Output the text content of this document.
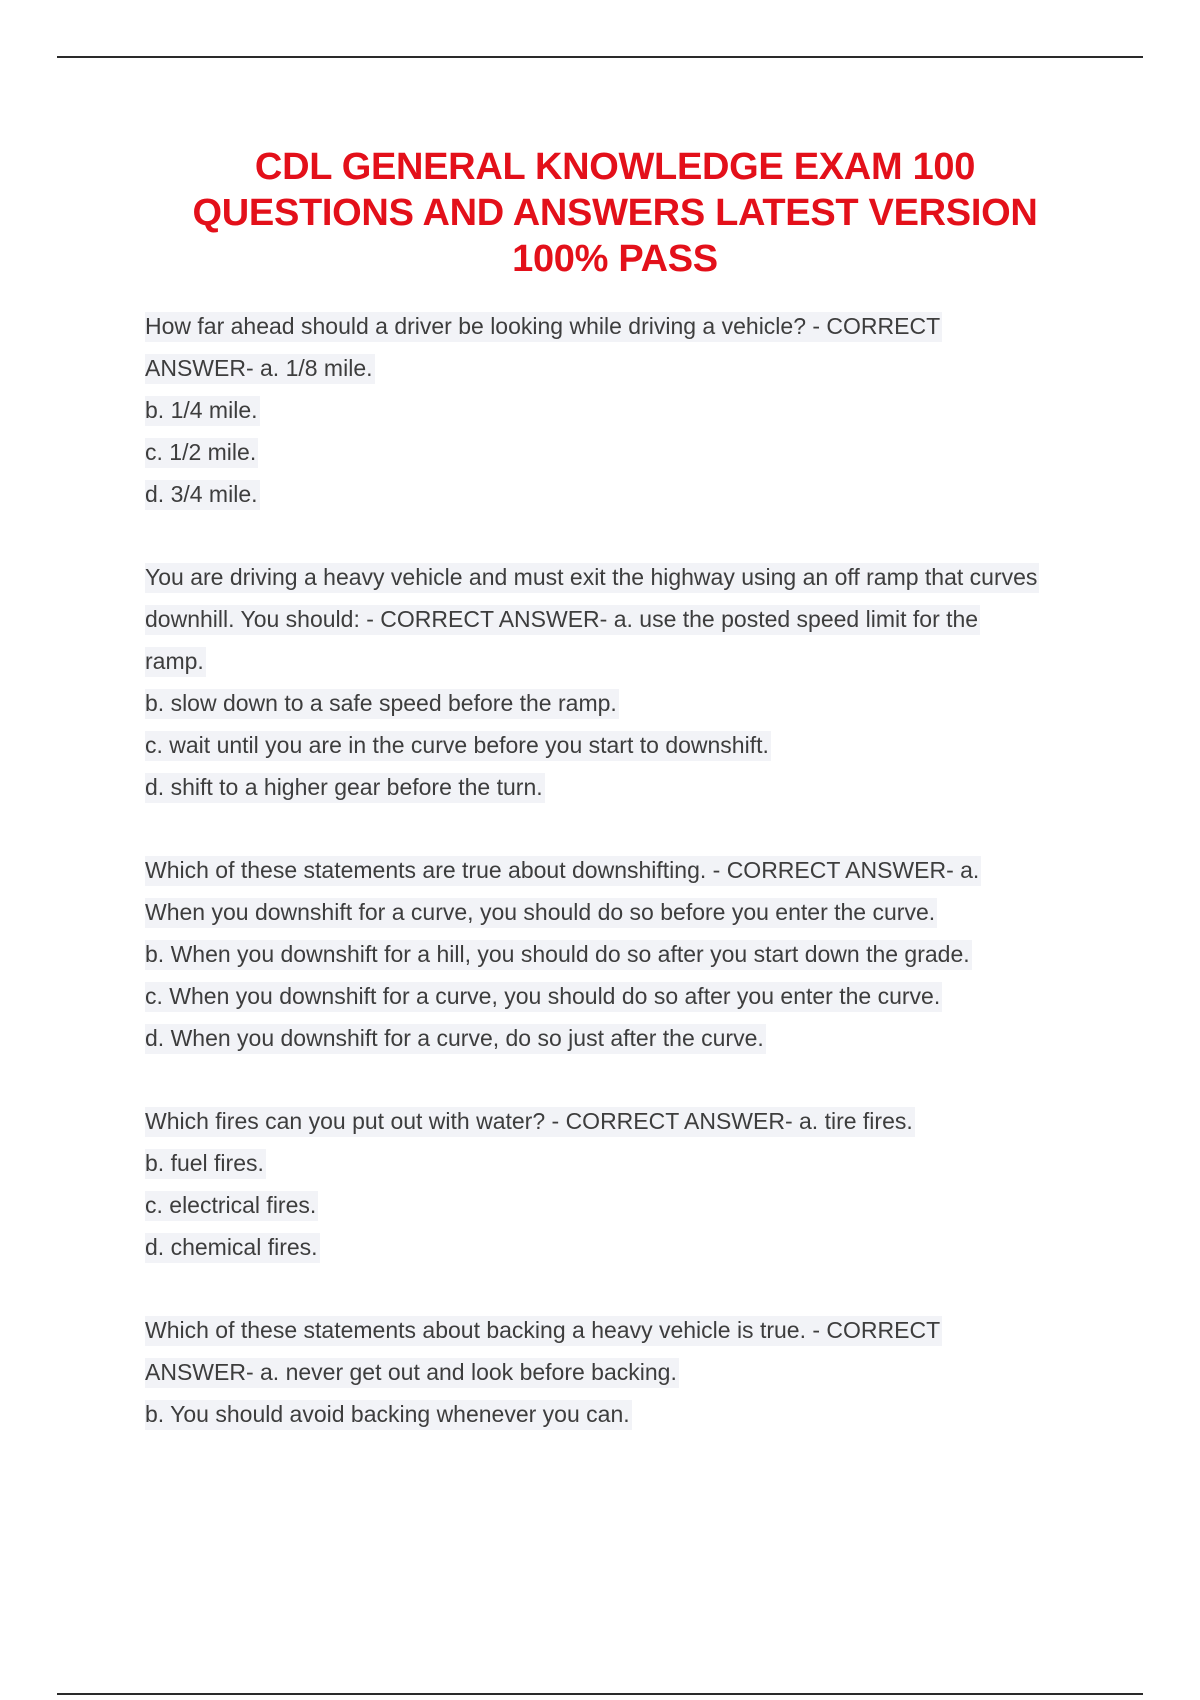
CDL GENERAL KNOWLEDGE EXAM 100
QUESTIONS AND ANSWERS LATEST VERSION
100% PASS
How far ahead should a driver be looking while driving a vehicle? - CORRECT
ANSWER- a. 1/8 mile.
b. 1/4 mile.
c. 1/2 mile.
d. 3/4 mile.
You are driving a heavy vehicle and must exit the highway using an off ramp that curves
downhill. You should: - CORRECT ANSWER- a. use the posted speed limit for the
ramp.
b. slow down to a safe speed before the ramp.
c. wait until you are in the curve before you start to downshift.
d. shift to a higher gear before the turn.
Which of these statements are true about downshifting. - CORRECT ANSWER- a.
When you downshift for a curve, you should do so before you enter the curve.
b. When you downshift for a hill, you should do so after you start down the grade.
c. When you downshift for a curve, you should do so after you enter the curve.
d. When you downshift for a curve, do so just after the curve.
Which fires can you put out with water? - CORRECT ANSWER- a. tire fires.
b. fuel fires.
c. electrical fires.
d. chemical fires.
Which of these statements about backing a heavy vehicle is true. - CORRECT
ANSWER- a. never get out and look before backing.
b. You should avoid backing whenever you can.
